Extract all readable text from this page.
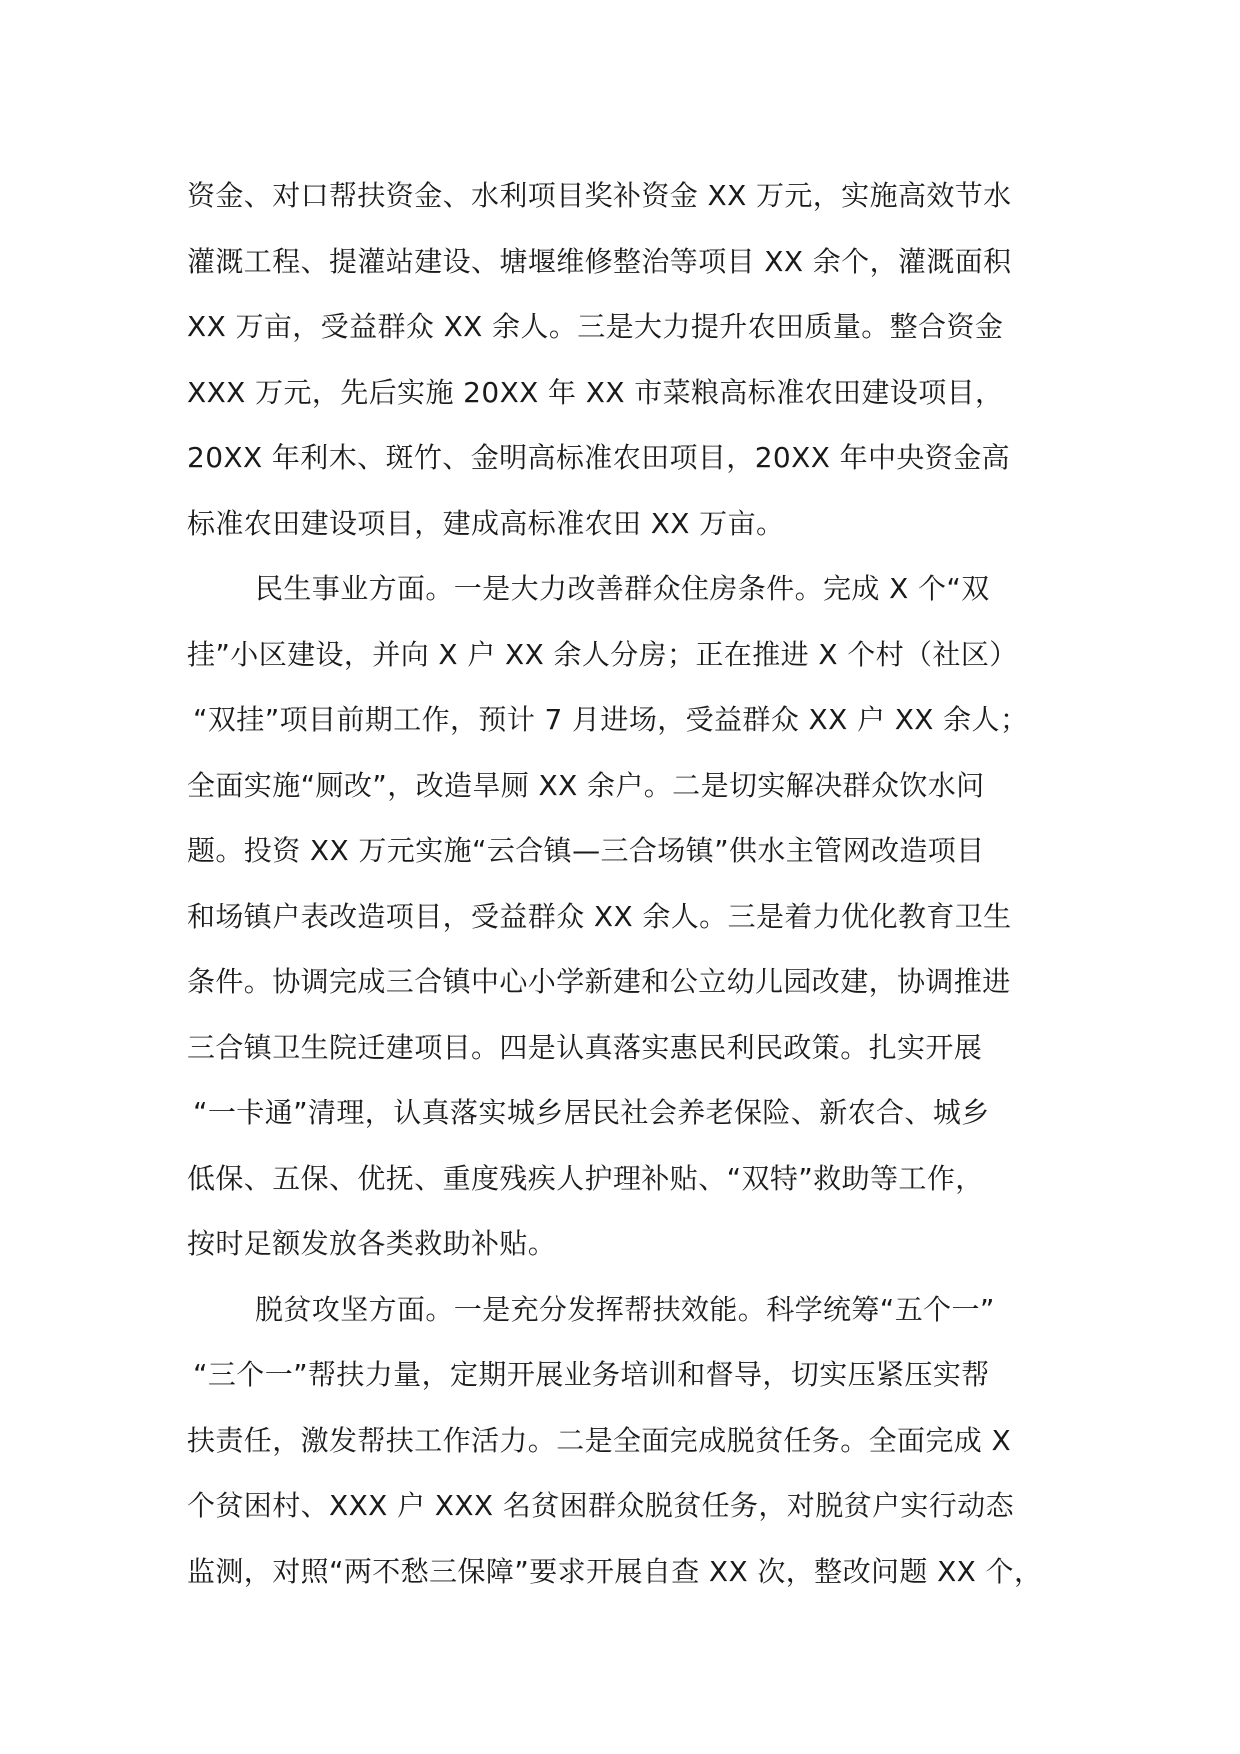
资金、对口帮扶资金、水利项目奖补资金 XX 万元，实施高效节水

灌溉工程、提灌站建设、塘堰维修整治等项目 XX 余个，灌溉面积

XX 万亩，受益群众 XX 余人。三是大力提升农田质量。整合资金

XXX 万元，先后实施 20XX 年 XX 市菜粮高标准农田建设项目，

20XX 年利木、斑竹、金明高标准农田项目，20XX 年中央资金高

标准农田建设项目，建成高标准农田 XX 万亩。

民生事业方面。一是大力改善群众住房条件。完成 X 个“双

挂”小区建设，并向 X 户 XX 余人分房；正在推进 X 个村（社区）

“双挂”项目前期工作，预计 7 月进场，受益群众 XX 户 XX 余人；

全面实施“厕改”，改造旱厕 XX 余户。二是切实解决群众饮水问

题。投资 XX 万元实施“云合镇—三合场镇”供水主管网改造项目

和场镇户表改造项目，受益群众 XX 余人。三是着力优化教育卫生

条件。协调完成三合镇中心小学新建和公立幼儿园改建，协调推进

三合镇卫生院迁建项目。四是认真落实惠民利民政策。扎实开展

“一卡通”清理，认真落实城乡居民社会养老保险、新农合、城乡

低保、五保、优抚、重度残疾人护理补贴、“双特”救助等工作，

按时足额发放各类救助补贴。

脱贫攻坚方面。一是充分发挥帮扶效能。科学统筹“五个一”

“三个一”帮扶力量，定期开展业务培训和督导，切实压紧压实帮

扶责任，激发帮扶工作活力。二是全面完成脱贫任务。全面完成 X

个贫困村、XXX 户 XXX 名贫困群众脱贫任务，对脱贫户实行动态

监测，对照“两不愁三保障”要求开展自查 XX 次，整改问题 XX 个，
